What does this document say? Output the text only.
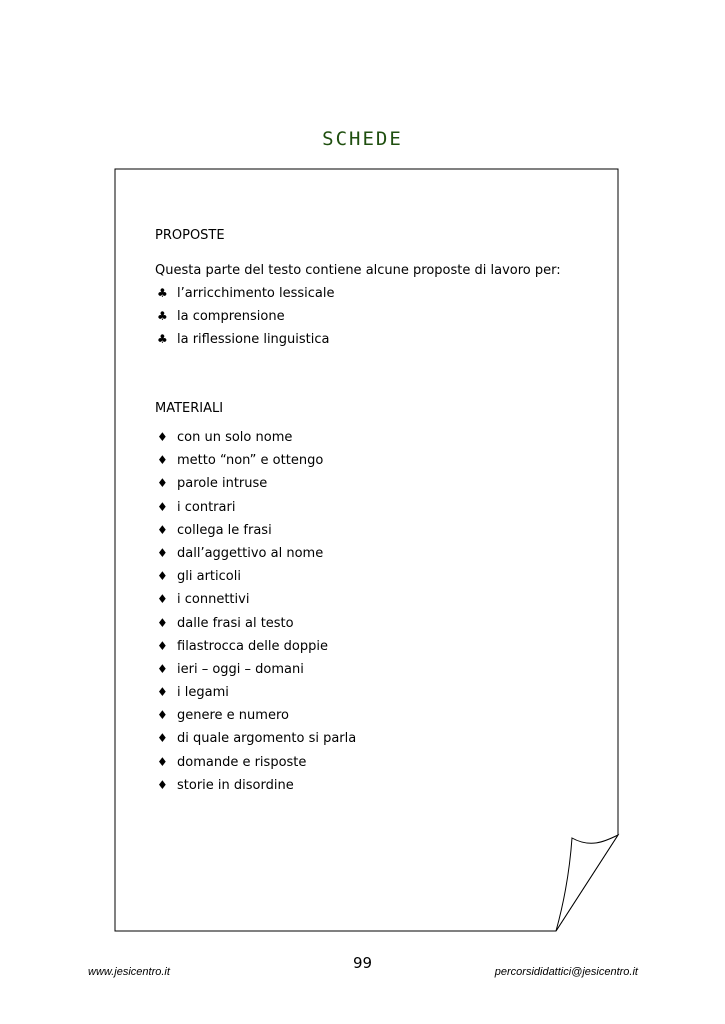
SCHEDE
PROPOSTE
Questa parte del testo contiene alcune proposte di lavoro per:
♣ l’arricchimento lessicale
♣ la comprensione
♣ la riflessione linguistica
MATERIALI
♦ con un solo nome
♦ metto “non” e ottengo
♦ parole intruse
♦ i contrari
♦ collega le frasi
♦ dall’aggettivo al nome
♦ gli articoli
♦ i connettivi
♦ dalle frasi al testo
♦ filastrocca delle doppie
♦ ieri – oggi – domani
♦ i legami
♦ genere e numero
♦ di quale argomento si parla
♦ domande e risposte
♦ storie in disordine
99
www.jesicentro.it	percorsididattici@jesicentro.it
